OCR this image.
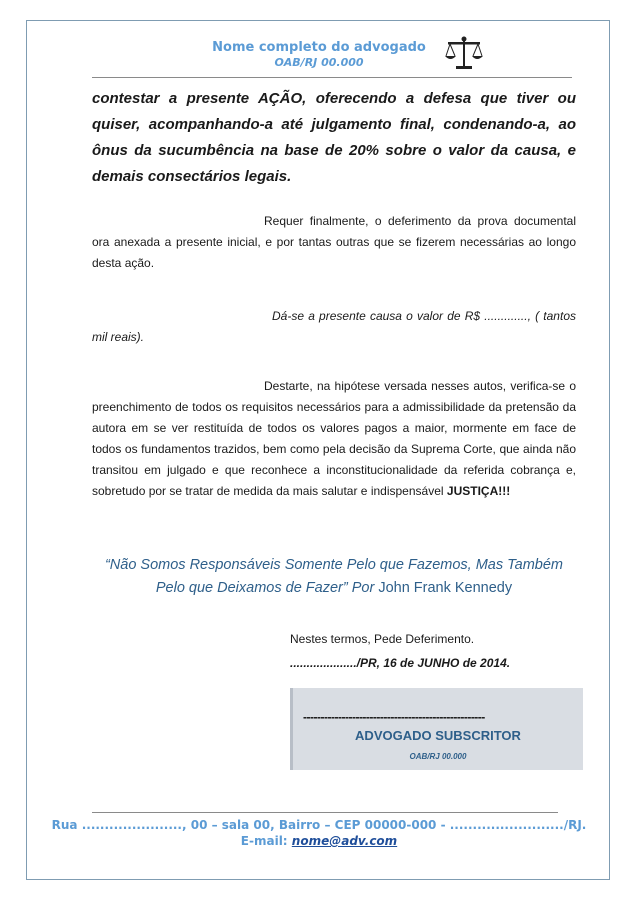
Nome completo do advogado
OAB/RJ 00.000
contestar a presente AÇÃO, oferecendo a defesa que tiver ou quiser, acompanhando-a até julgamento final, condenando-a, ao ônus da sucumbência na base de 20% sobre o valor da causa, e demais consectários legais.
Requer finalmente, o deferimento da prova documental ora anexada a presente inicial, e por tantas outras que se fizerem necessárias ao longo desta ação.
Dá-se a presente causa o valor de R$ ............., ( tantos mil reais).
Destarte, na hipótese versada nesses autos, verifica-se o preenchimento de todos os requisitos necessários para a admissibilidade da pretensão da autora em se ver restituída de todos os valores pagos a maior, mormente em face de todos os fundamentos trazidos, bem como pela decisão da Suprema Corte, que ainda não transitou em julgado e que reconhece a inconstitucionalidade da referida cobrança e, sobretudo por se tratar de medida da mais salutar e indispensável JUSTIÇA!!!
“Não Somos Responsáveis Somente Pelo que Fazemos, Mas Também Pelo que Deixamos de Fazer” Por John Frank Kennedy
Nestes termos, Pede Deferimento.
..................../PR, 16 de JUNHO de 2014.
----------------------------------------------------
ADVOGADO SUBSCRITOR
OAB/RJ 00.000
Rua ......................, 00 – sala 00, Bairro – CEP 00000-000 - ........................./RJ.
E-mail: nome@adv.com
